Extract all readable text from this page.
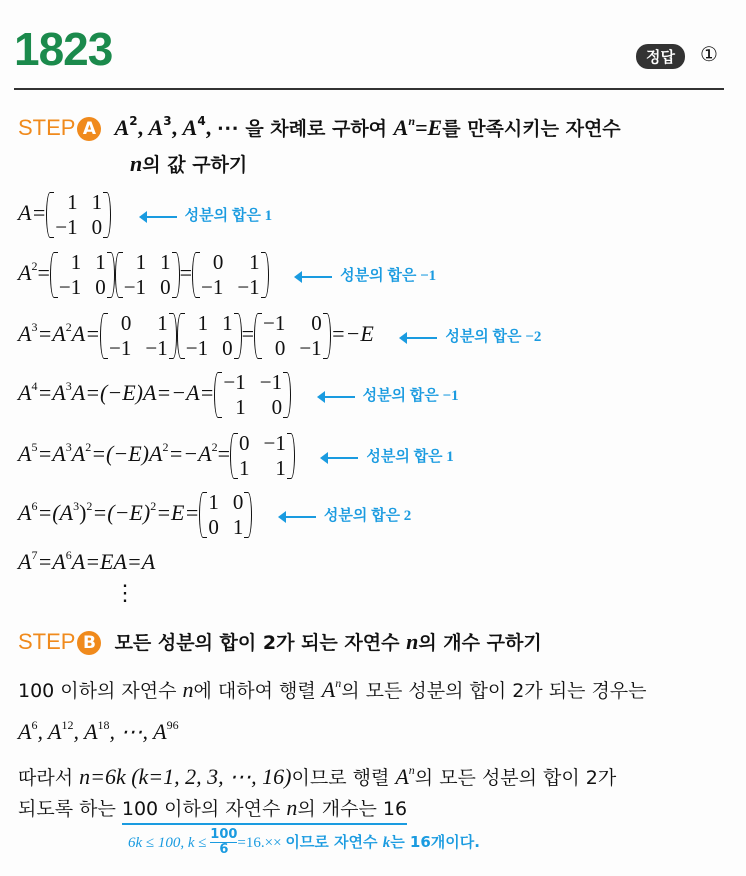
1823	정답	①
STEP A $A^2$, $A^3$, $A^4$, ⋯ 을 차례로 구하여 $A^n=E$를 만족시키는 자연수
n의 값 구하기
A= 1 1
−1 0	성분의 합은 1
$A^2= 1$ 1
−1 0
1 1
−1 0
= 0	1
−1 −1	성분의 합은 −1
$A^3=A^2A= 0$	1
−1 −1
1 1
−1 0
= −1	0
0 −1
=−E	성분의 합은 −2
$A^4=A^3A=(-E)A=-A= -1 -1$
1	0	성분의 합은 −1
$A^5=A^3A^2=(-E)A^2=-A^2= 0 -1$
1	1	성분의 합은 1
$A^6=(A^3)^2=(-E)^2=E= 1$ 0
0 1	성분의 합은 2
$A^7=A^6A=EA=A$
⋮
STEP B 모든 성분의 합이 2가 되는 자연수 n의 개수 구하기
100 이하의 자연수 n에 대하여 행렬 $A^n$의 모든 성분의 합이 2가 되는 경우는
$A^6$, $A^{12}$, $A^{18}$, ⋯, $A^{96}$
따라서 n=6k (k=1, 2, 3, ⋯, 16)이므로 행렬 $A^n$의 모든 성분의 합이 2가
되도록 하는 100 이하의 자연수 n의 개수는 16
6k ≤ 100, $k \le \frac{100}{6} =16.\times\times$ 이므로 자연수 k는 16개이다.
